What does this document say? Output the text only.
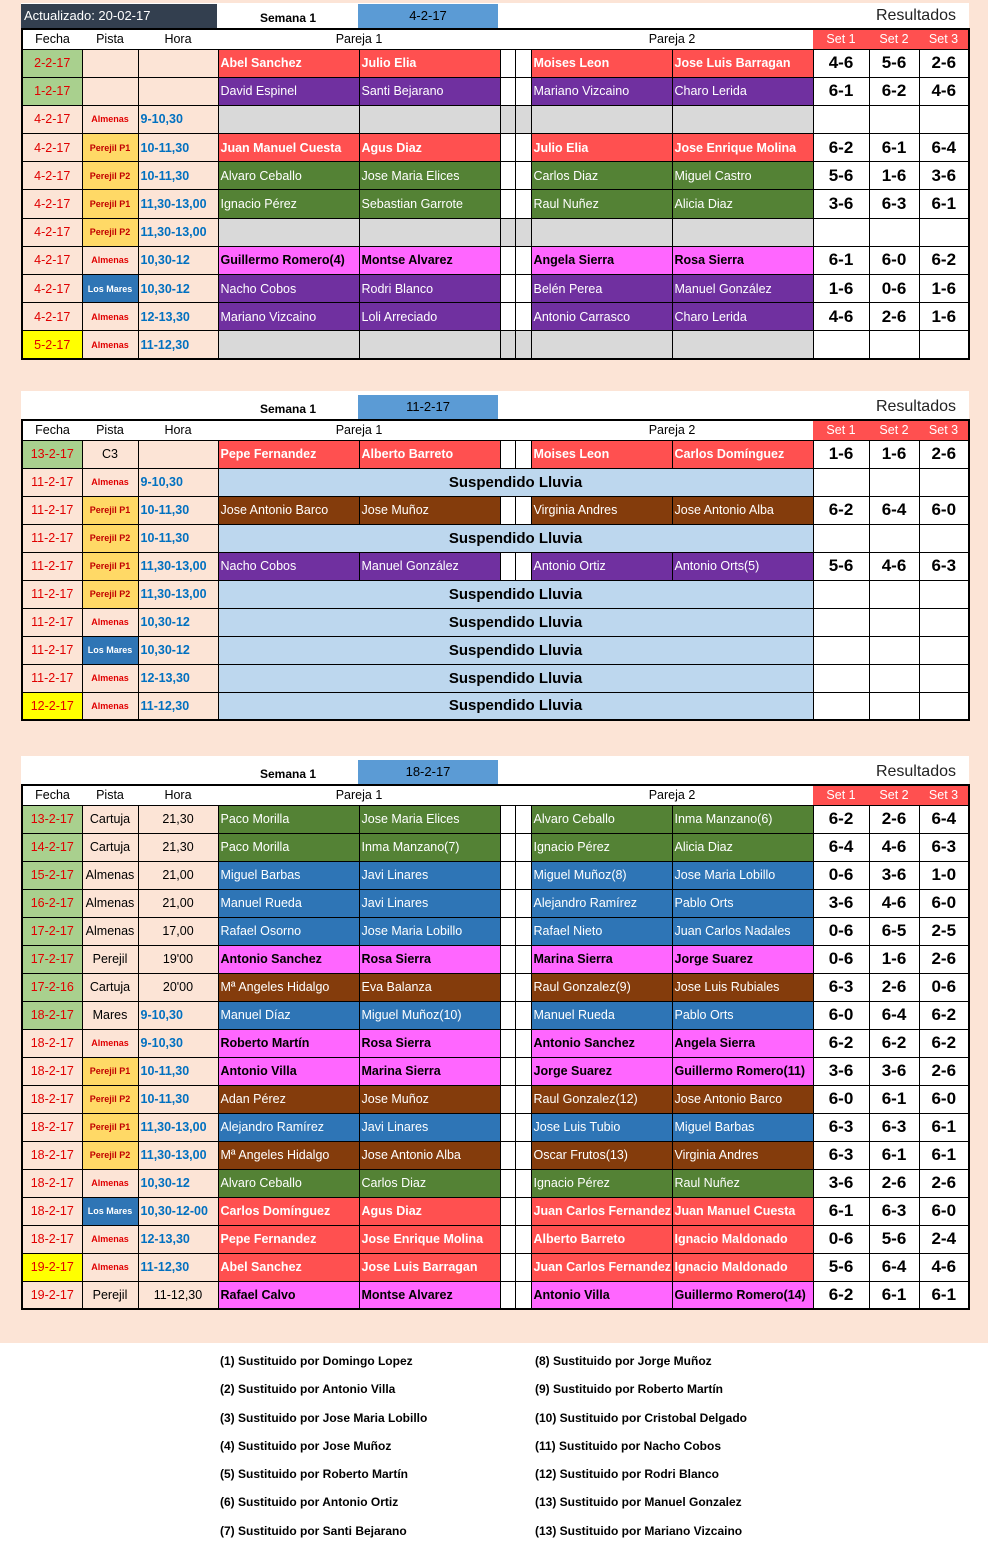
Actualizado: 20-02-17	Semana 1	4-2-17	Resultados
Fecha	Pista	Hora	Pareja 1				Pareja 2		Set 1	Set 2	Set 3
2-2-17			Abel Sanchez	Julio Elia			Moises Leon	Jose Luis Barragan	4-6	5-6	2-6
1-2-17			David Espinel	Santi Bejarano			Mariano Vizcaino	Charo Lerida	6-1	6-2	4-6
4-2-17	Almenas	9-10,30									
4-2-17	Perejil P1	10-11,30	Juan Manuel Cuesta	Agus Diaz			Julio Elia	Jose Enrique Molina	6-2	6-1	6-4
4-2-17	Perejil P2	10-11,30	Alvaro Ceballo	Jose Maria Elices			Carlos Diaz	Miguel Castro	5-6	1-6	3-6
4-2-17	Perejil P1	11,30-13,00	Ignacio Pérez	Sebastian Garrote			Raul Nuñez	Alicia Diaz	3-6	6-3	6-1
4-2-17	Perejil P2	11,30-13,00									
4-2-17	Almenas	10,30-12	Guillermo Romero(4)	Montse Alvarez			Angela Sierra	Rosa Sierra	6-1	6-0	6-2
4-2-17	Los Mares	10,30-12	Nacho Cobos	Rodri Blanco			Belén Perea	Manuel González	1-6	0-6	1-6
4-2-17	Almenas	12-13,30	Mariano Vizcaino	Loli Arreciado			Antonio Carrasco	Charo Lerida	4-6	2-6	1-6
5-2-17	Almenas	11-12,30									
Semana 1	11-2-17	Resultados
Fecha	Pista	Hora	Pareja 1				Pareja 2		Set 1	Set 2	Set 3
13-2-17	C3		Pepe Fernandez	Alberto Barreto			Moises Leon	Carlos Domínguez	1-6	1-6	2-6
11-2-17	Almenas	9-10,30	Suspendido Lluvia								
11-2-17	Perejil P1	10-11,30	Jose Antonio Barco	Jose Muñoz			Virginia Andres	Jose Antonio Alba	6-2	6-4	6-0
11-2-17	Perejil P2	10-11,30	Suspendido Lluvia								
11-2-17	Perejil P1	11,30-13,00	Nacho Cobos	Manuel González			Antonio Ortiz	Antonio Orts(5)	5-6	4-6	6-3
11-2-17	Perejil P2	11,30-13,00	Suspendido Lluvia								
11-2-17	Almenas	10,30-12	Suspendido Lluvia								
11-2-17	Los Mares	10,30-12	Suspendido Lluvia								
11-2-17	Almenas	12-13,30	Suspendido Lluvia								
12-2-17	Almenas	11-12,30	Suspendido Lluvia								
Semana 1	18-2-17	Resultados
Fecha	Pista	Hora	Pareja 1				Pareja 2		Set 1	Set 2	Set 3
13-2-17	Cartuja	21,30	Paco Morilla	Jose Maria Elices			Alvaro Ceballo	Inma Manzano(6)	6-2	2-6	6-4
14-2-17	Cartuja	21,30	Paco Morilla	Inma Manzano(7)			Ignacio Pérez	Alicia Diaz	6-4	4-6	6-3
15-2-17	Almenas	21,00	Miguel Barbas	Javi Linares			Miguel Muñoz(8)	Jose Maria Lobillo	0-6	3-6	1-0
16-2-17	Almenas	21,00	Manuel Rueda	Javi Linares			Alejandro Ramírez	Pablo Orts	3-6	4-6	6-0
17-2-17	Almenas	17,00	Rafael Osorno	Jose Maria Lobillo			Rafael Nieto	Juan Carlos Nadales	0-6	6-5	2-5
17-2-17	Perejil	19'00	Antonio Sanchez	Rosa Sierra			Marina Sierra	Jorge Suarez	0-6	1-6	2-6
17-2-16	Cartuja	20'00	Mª Angeles Hidalgo	Eva Balanza			Raul Gonzalez(9)	Jose Luis Rubiales	6-3	2-6	0-6
18-2-17	Mares	9-10,30	Manuel Díaz	Miguel Muñoz(10)			Manuel Rueda	Pablo Orts	6-0	6-4	6-2
18-2-17	Almenas	9-10,30	Roberto Martín	Rosa Sierra			Antonio Sanchez	Angela Sierra	6-2	6-2	6-2
18-2-17	Perejil P1	10-11,30	Antonio Villa	Marina Sierra			Jorge Suarez	Guillermo Romero(11)	3-6	3-6	2-6
18-2-17	Perejil P2	10-11,30	Adan Pérez	Jose Muñoz			Raul Gonzalez(12)	Jose Antonio Barco	6-0	6-1	6-0
18-2-17	Perejil P1	11,30-13,00	Alejandro Ramírez	Javi Linares			Jose Luis Tubio	Miguel Barbas	6-3	6-3	6-1
18-2-17	Perejil P2	11,30-13,00	Mª Angeles Hidalgo	Jose Antonio Alba			Oscar Frutos(13)	Virginia Andres	6-3	6-1	6-1
18-2-17	Almenas	10,30-12	Alvaro Ceballo	Carlos Diaz			Ignacio Pérez	Raul Nuñez	3-6	2-6	2-6
18-2-17	Los Mares	10,30-12-00	Carlos Domínguez	Agus Diaz			Juan Carlos Fernandez	Juan Manuel Cuesta	6-1	6-3	6-0
18-2-17	Almenas	12-13,30	Pepe Fernandez	Jose Enrique Molina			Alberto Barreto	Ignacio Maldonado	0-6	5-6	2-4
19-2-17	Almenas	11-12,30	Abel Sanchez	Jose Luis Barragan			Juan Carlos Fernandez	Ignacio Maldonado	5-6	6-4	4-6
19-2-17	Perejil	11-12,30	Rafael Calvo	Montse Alvarez			Antonio Villa	Guillermo Romero(14)	6-2	6-1	6-1
(1) Sustituido por Domingo Lopez
(2) Sustituido por Antonio Villa
(3) Sustituido por Jose Maria Lobillo
(4) Sustituido por Jose Muñoz
(5) Sustituido por Roberto Martín
(6) Sustituido por Antonio Ortiz
(7) Sustituido por Santi Bejarano
(8) Sustituido por Jorge Muñoz
(9) Sustituido por Roberto Martín
(10) Sustituido por Cristobal Delgado
(11) Sustituido por Nacho Cobos
(12) Sustituido por Rodri Blanco
(13) Sustituido por Manuel Gonzalez
(13) Sustituido por Mariano Vizcaino
